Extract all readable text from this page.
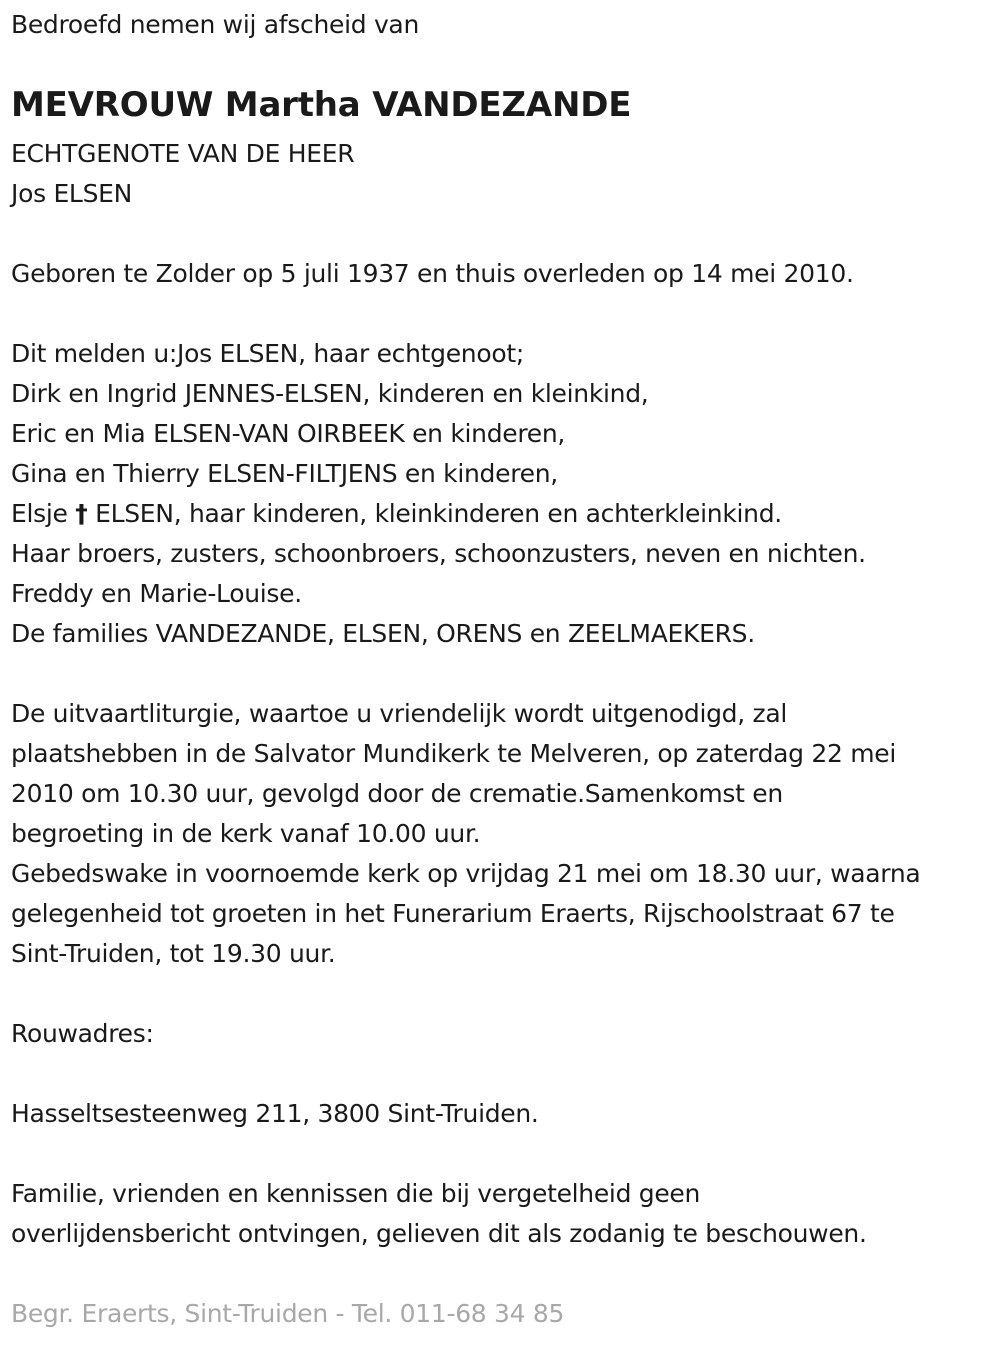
Bedroefd nemen wij afscheid van
MEVROUW Martha VANDEZANDE
ECHTGENOTE VAN DE HEER
Jos ELSEN
Geboren te Zolder op 5 juli 1937 en thuis overleden op 14 mei 2010.
Dit melden u:Jos ELSEN, haar echtgenoot;
Dirk en Ingrid JENNES-ELSEN, kinderen en kleinkind,
Eric en Mia ELSEN-VAN OIRBEEK en kinderen,
Gina en Thierry ELSEN-FILTJENS en kinderen,
Elsje † ELSEN, haar kinderen, kleinkinderen en achterkleinkind.
Haar broers, zusters, schoonbroers, schoonzusters, neven en nichten.
Freddy en Marie-Louise.
De families VANDEZANDE, ELSEN, ORENS en ZEELMAEKERS.
De uitvaartliturgie, waartoe u vriendelijk wordt uitgenodigd, zal
plaatshebben in de Salvator Mundikerk te Melveren, op zaterdag 22 mei
2010 om 10.30 uur, gevolgd door de crematie.Samenkomst en
begroeting in de kerk vanaf 10.00 uur.
Gebedswake in voornoemde kerk op vrijdag 21 mei om 18.30 uur, waarna
gelegenheid tot groeten in het Funerarium Eraerts, Rijschoolstraat 67 te
Sint-Truiden, tot 19.30 uur.
Rouwadres:
Hasseltsesteenweg 211, 3800 Sint-Truiden.
Familie, vrienden en kennissen die bij vergetelheid geen
overlijdensbericht ontvingen, gelieven dit als zodanig te beschouwen.
Begr. Eraerts, Sint-Truiden - Tel. 011-68 34 85
